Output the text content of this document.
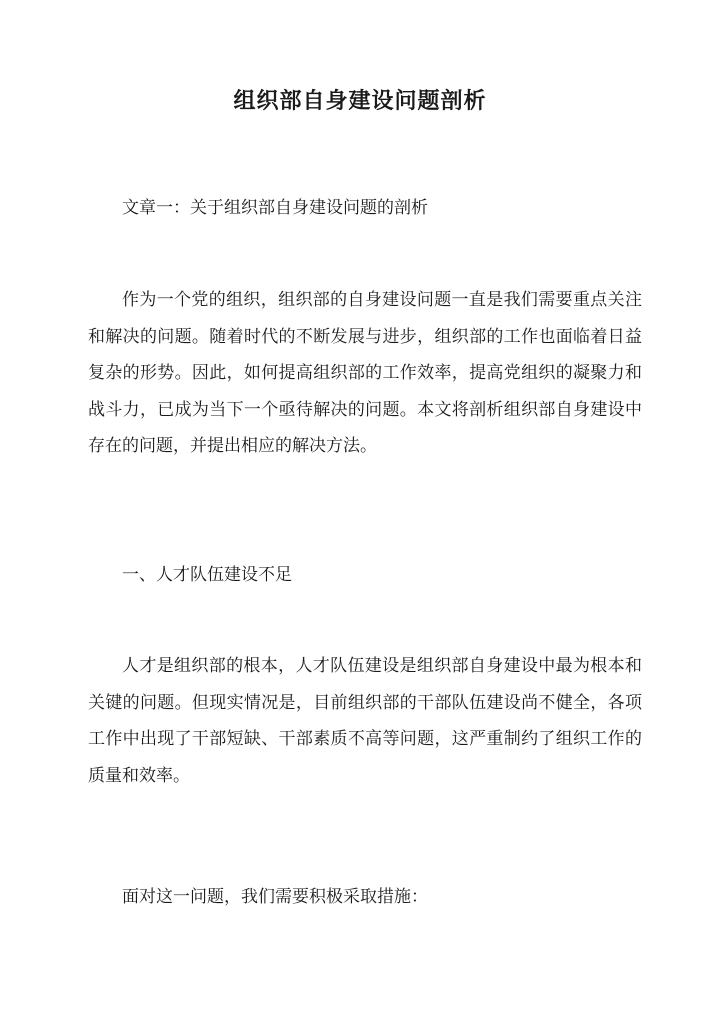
组织部自身建设问题剖析

文章一：关于组织部自身建设问题的剖析

作为一个党的组织，组织部的自身建设问题一直是我们需要重点关注和解决的问题。随着时代的不断发展与进步，组织部的工作也面临着日益复杂的形势。因此，如何提高组织部的工作效率，提高党组织的凝聚力和战斗力，已成为当下一个亟待解决的问题。本文将剖析组织部自身建设中存在的问题，并提出相应的解决方法。

一、人才队伍建设不足

人才是组织部的根本，人才队伍建设是组织部自身建设中最为根本和关键的问题。但现实情况是，目前组织部的干部队伍建设尚不健全，各项工作中出现了干部短缺、干部素质不高等问题，这严重制约了组织工作的质量和效率。

面对这一问题，我们需要积极采取措施：
